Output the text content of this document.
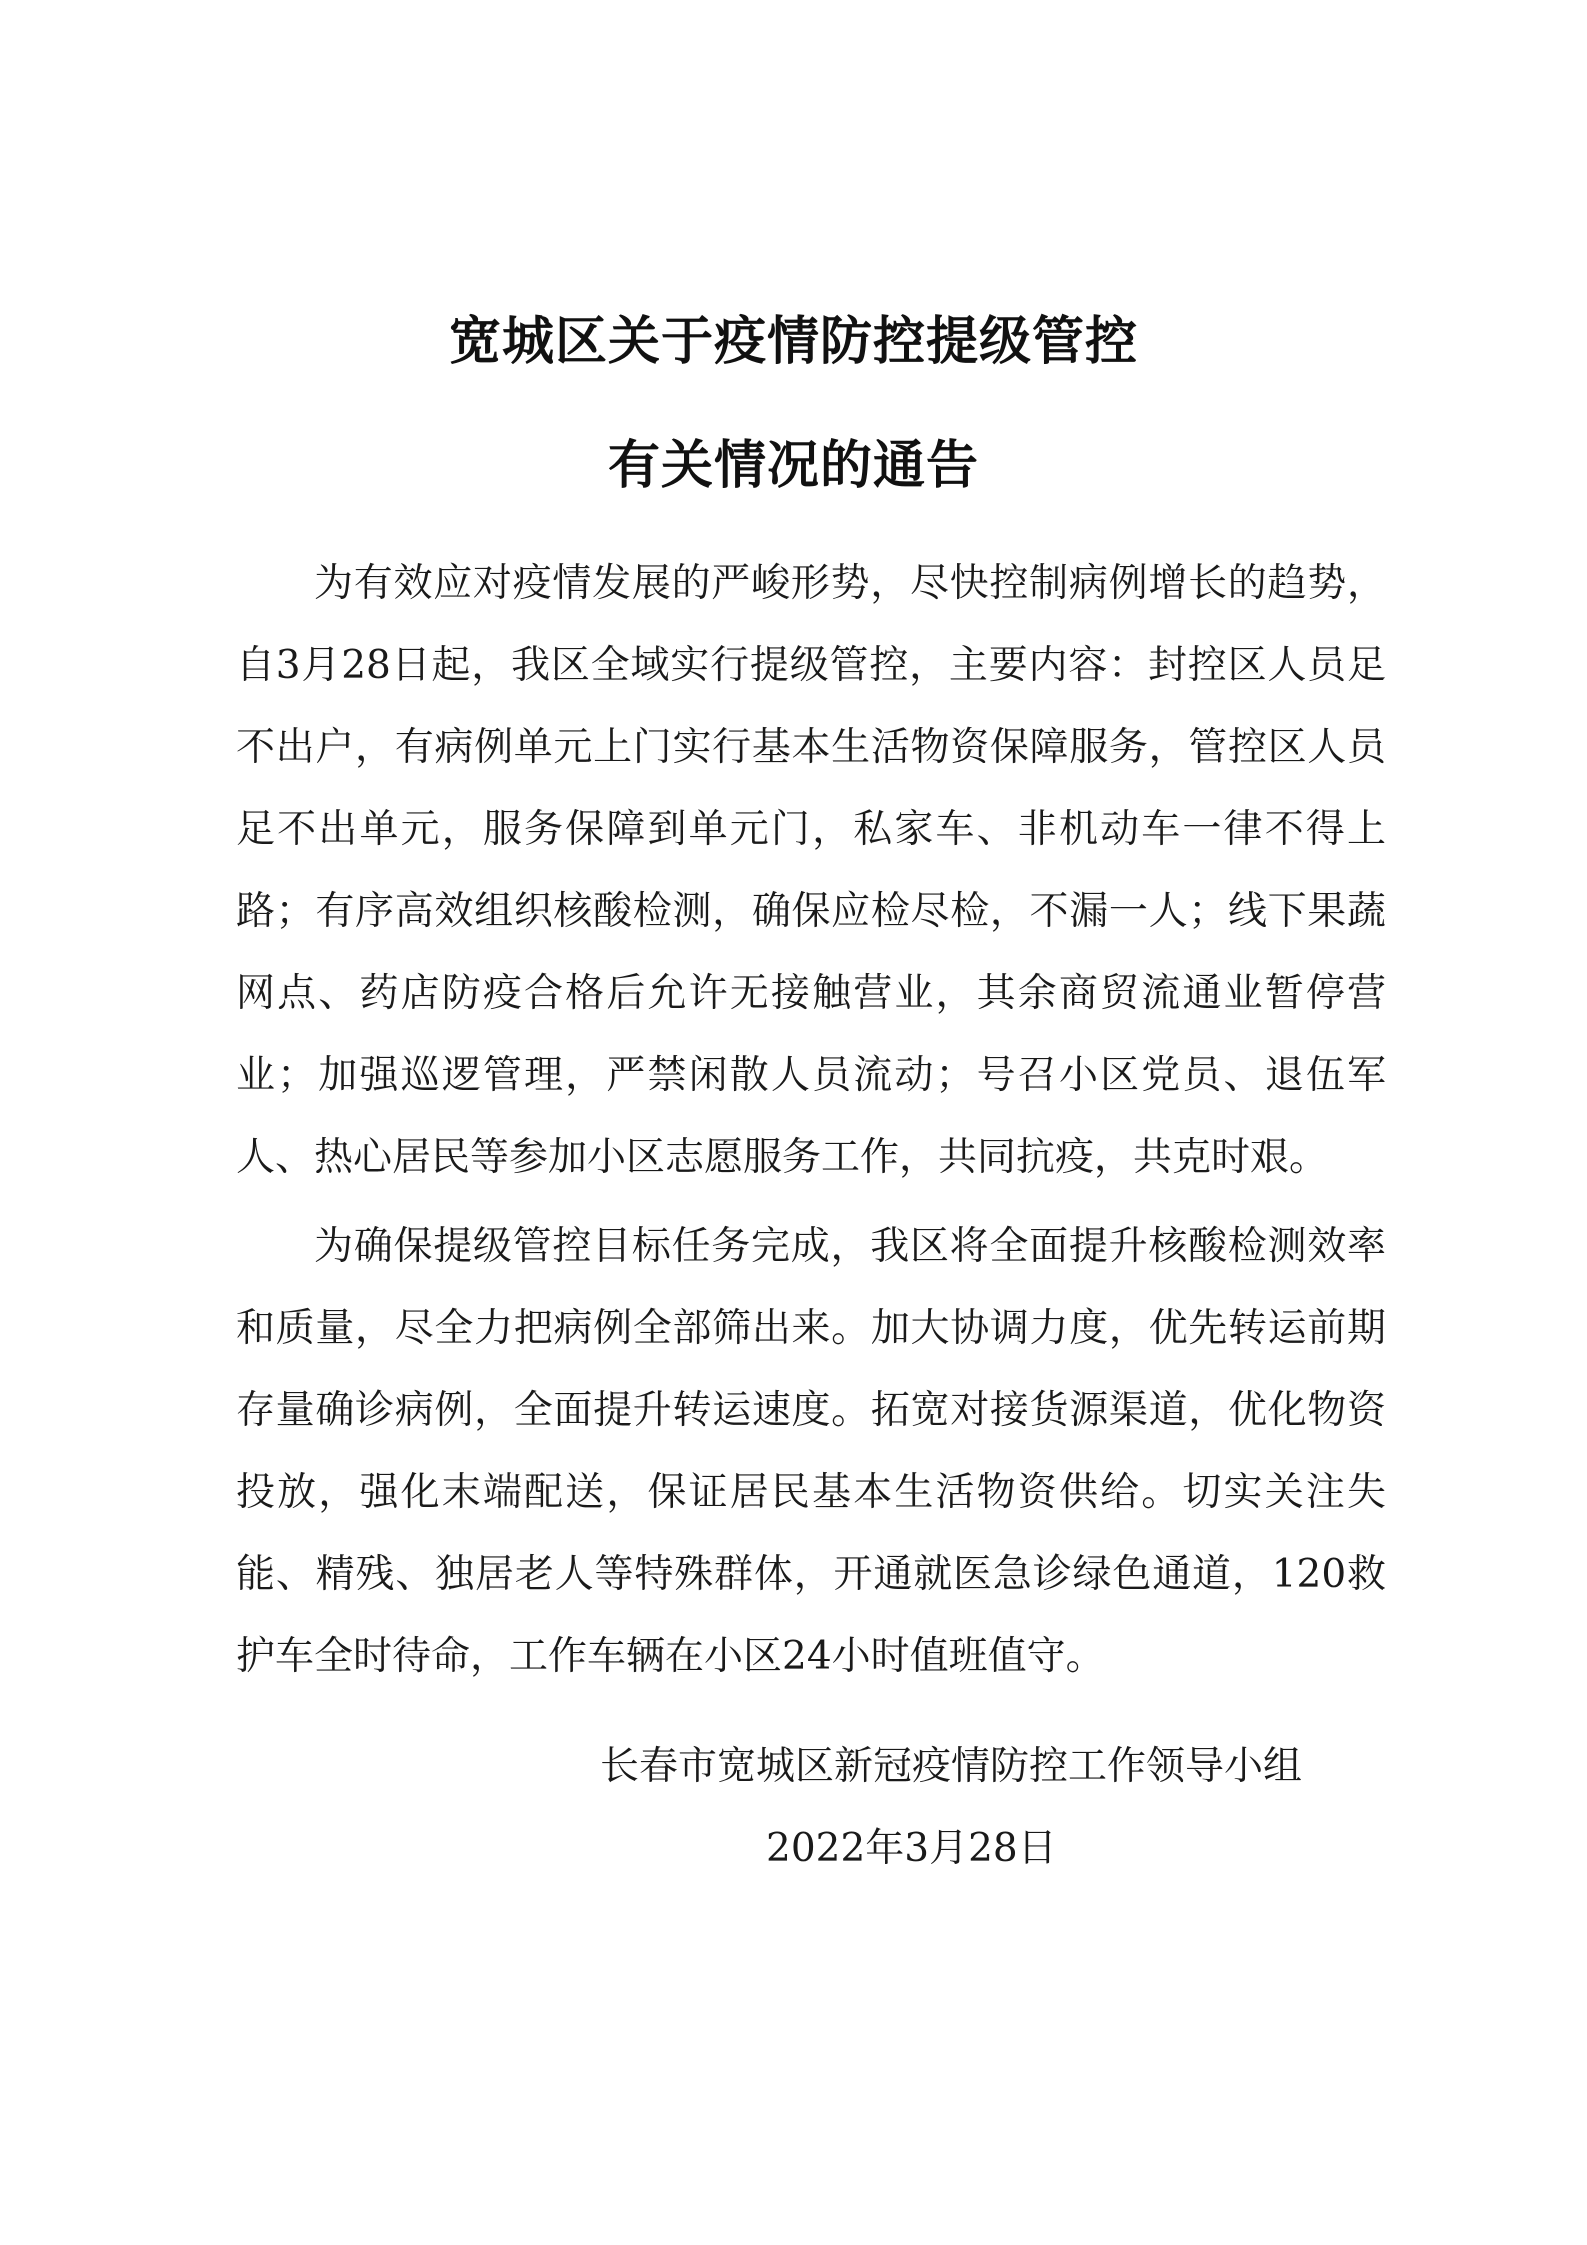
宽城区关于疫情防控提级管控
有关情况的通告

为有效应对疫情发展的严峻形势，尽快控制病例增长的趋势，自3月28日起，我区全域实行提级管控，主要内容：封控区人员足不出户，有病例单元上门实行基本生活物资保障服务，管控区人员足不出单元，服务保障到单元门，私家车、非机动车一律不得上路；有序高效组织核酸检测，确保应检尽检，不漏一人；线下果蔬网点、药店防疫合格后允许无接触营业，其余商贸流通业暂停营业；加强巡逻管理，严禁闲散人员流动；号召小区党员、退伍军人、热心居民等参加小区志愿服务工作，共同抗疫，共克时艰。

为确保提级管控目标任务完成，我区将全面提升核酸检测效率和质量，尽全力把病例全部筛出来。加大协调力度，优先转运前期存量确诊病例，全面提升转运速度。拓宽对接货源渠道，优化物资投放，强化末端配送，保证居民基本生活物资供给。切实关注失能、精残、独居老人等特殊群体，开通就医急诊绿色通道，120救护车全时待命，工作车辆在小区24小时值班值守。

长春市宽城区新冠疫情防控工作领导小组
2022年3月28日
